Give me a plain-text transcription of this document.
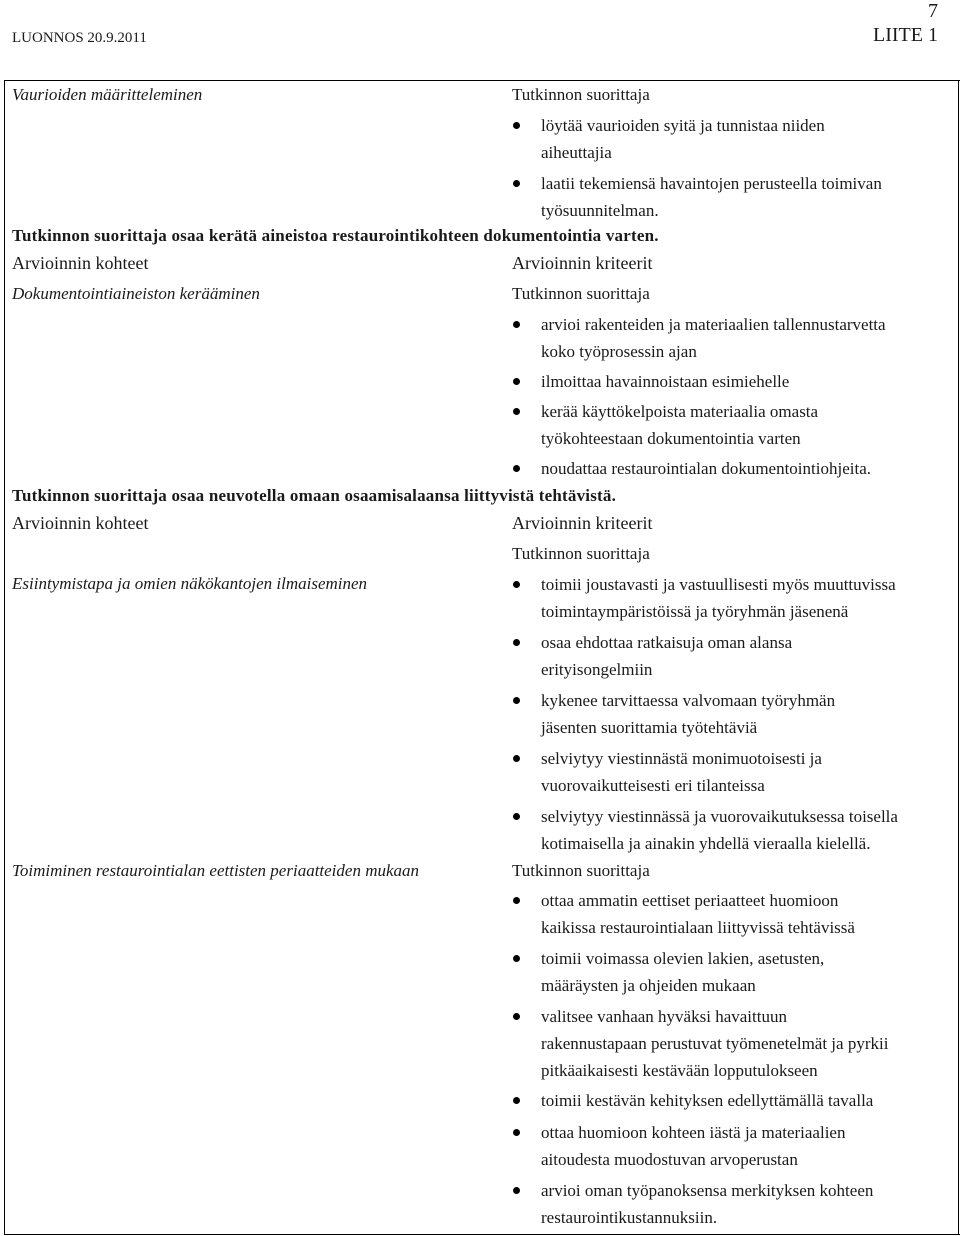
LUONNOS 20.9.2011
7
LIITE 1
Vaurioiden määritteleminen	Tutkinnon suorittaja
löytää vaurioiden syitä ja tunnistaa niiden
aiheuttajia
laatii tekemiensä havaintojen perusteella toimivan
työsuunnitelman.
Tutkinnon suorittaja osaa kerätä aineistoa restaurointikohteen dokumentointia varten.
Arvioinnin kohteet	Arvioinnin kriteerit
Dokumentointiaineiston kerääminen	Tutkinnon suorittaja
arvioi rakenteiden ja materiaalien tallennustarvetta
koko työprosessin ajan
ilmoittaa havainnoistaan esimiehelle
kerää käyttökelpoista materiaalia omasta
työkohteestaan dokumentointia varten
noudattaa restaurointialan dokumentointiohjeita.
Tutkinnon suorittaja osaa neuvotella omaan osaamisalaansa liittyvistä tehtävistä.
Arvioinnin kohteet	Arvioinnin kriteerit
Tutkinnon suorittaja
Esiintymistapa ja omien näkökantojen ilmaiseminen	toimii joustavasti ja vastuullisesti myös muuttuvissa
toimintaympäristöissä ja työryhmän jäsenenä
osaa ehdottaa ratkaisuja oman alansa
erityisongelmiin
kykenee tarvittaessa valvomaan työryhmän
jäsenten suorittamia työtehtäviä
selviytyy viestinnästä monimuotoisesti ja
vuorovaikutteisesti eri tilanteissa
selviytyy viestinnässä ja vuorovaikutuksessa toisella
kotimaisella ja ainakin yhdellä vieraalla kielellä.
Toimiminen restaurointialan eettisten periaatteiden mukaan	Tutkinnon suorittaja
ottaa ammatin eettiset periaatteet huomioon
kaikissa restaurointialaan liittyvissä tehtävissä
toimii voimassa olevien lakien, asetusten,
määräysten ja ohjeiden mukaan
valitsee vanhaan hyväksi havaittuun
rakennustapaan perustuvat työmenetelmät ja pyrkii
pitkäaikaisesti kestävään lopputulokseen
toimii kestävän kehityksen edellyttämällä tavalla
ottaa huomioon kohteen iästä ja materiaalien
aitoudesta muodostuvan arvoperustan
arvioi oman työpanoksensa merkityksen kohteen
restaurointikustannuksiin.
